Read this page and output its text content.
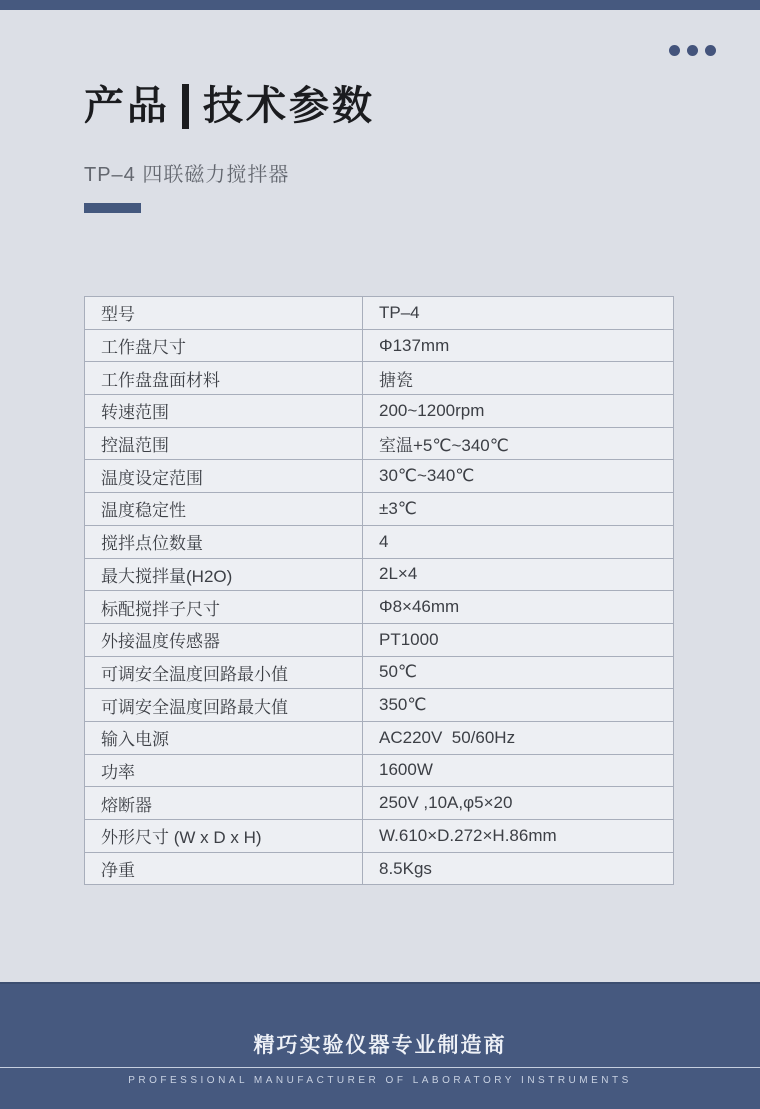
产品 技术参数
TP–4 四联磁力搅拌器
型号	TP–4
工作盘尺寸	Φ137mm
工作盘盘面材料	搪瓷
转速范围	200~1200rpm
控温范围	室温+5℃~340℃
温度设定范围	30℃~340℃
温度稳定性	±3℃
搅拌点位数量	4
最大搅拌量(H2O)	2L×4
标配搅拌子尺寸	Φ8×46mm
外接温度传感器	PT1000
可调安全温度回路最小值	50℃
可调安全温度回路最大值	350℃
输入电源	AC220V  50/60Hz
功率	1600W
熔断器	250V ,10A,φ5×20
外形尺寸 (W x D x H)	W.610×D.272×H.86mm
净重	8.5Kgs
精巧实验仪器专业制造商
PROFESSIONAL MANUFACTURER OF LABORATORY INSTRUMENTS
